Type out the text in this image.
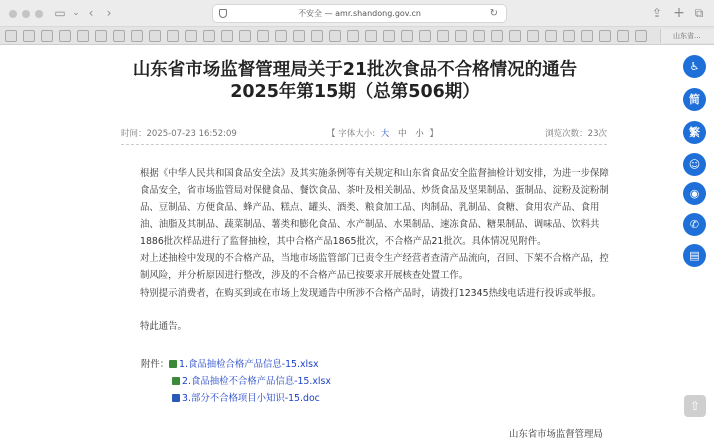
▭ ⌄ ‹ ›	不安全 — amr.shandong.gov.cn	↻	⇪ + ⧉
山东省...
山东省市场监督管理局关于21批次食品不合格情况的通告2025年第15期（总第506期）
时间：2025-07-23 16:52:09	【 字体大小: 大 中 小 】	浏览次数：23次
根据《中华人民共和国食品安全法》及其实施条例等有关规定和山东省食品安全监督抽检计划安排，为进一步保障食品安全，省市场监管局对保健食品、餐饮食品、茶叶及相关制品、炒货食品及坚果制品、蛋制品、淀粉及淀粉制品、豆制品、方便食品、蜂产品、糕点、罐头、酒类、粮食加工品、肉制品、乳制品、食糖、食用农产品、食用油、油脂及其制品、蔬菜制品、薯类和膨化食品、水产制品、水果制品、速冻食品、糖果制品、调味品、饮料共1886批次样品进行了监督抽检，其中合格产品1865批次，不合格产品21批次。具体情况见附件。
对上述抽检中发现的不合格产品，当地市场监管部门已责令生产经营者查清产品流向，召回、下架不合格产品，控制风险，并分析原因进行整改，涉及的不合格产品已按要求开展核查处置工作。
特别提示消费者，在购买到或在市场上发现通告中所涉不合格产品时，请拨打12345热线电话进行投诉或举报。
特此通告。
附件：	1.食品抽检合格产品信息-15.xlsx
2.食品抽检不合格产品信息-15.xlsx
3.部分不合格项目小知识-15.doc
山东省市场监督管理局
♿
简
繁
☺
◉
✆
▤
⇧
